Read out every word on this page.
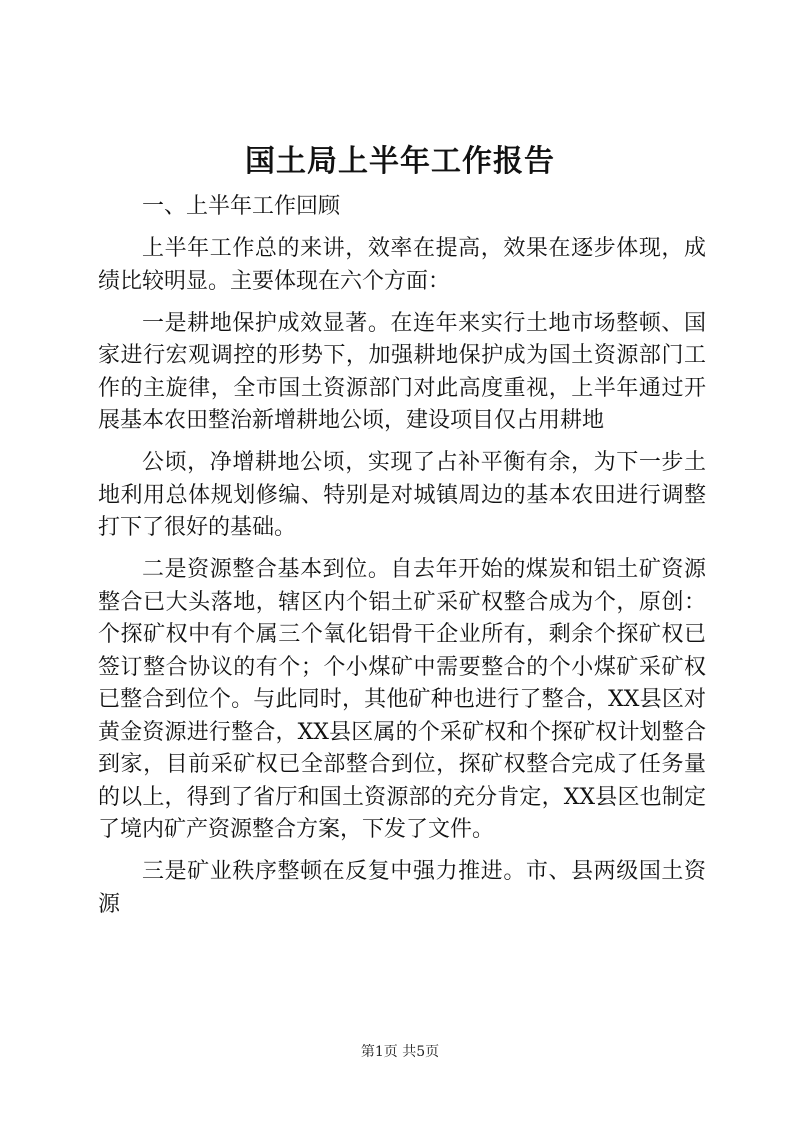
国土局上半年工作报告

一、上半年工作回顾

上半年工作总的来讲，效率在提高，效果在逐步体现，成绩比较明显。主要体现在六个方面：

一是耕地保护成效显著。在连年来实行土地市场整顿、国家进行宏观调控的形势下，加强耕地保护成为国土资源部门工作的主旋律，全市国土资源部门对此高度重视，上半年通过开展基本农田整治新增耕地公顷，建设项目仅占用耕地

公顷，净增耕地公顷，实现了占补平衡有余，为下一步土地利用总体规划修编、特别是对城镇周边的基本农田进行调整打下了很好的基础。

二是资源整合基本到位。自去年开始的煤炭和铝土矿资源整合已大头落地，辖区内个铝土矿采矿权整合成为个，原创：个探矿权中有个属三个氧化铝骨干企业所有，剩余个探矿权已签订整合协议的有个；个小煤矿中需要整合的个小煤矿采矿权已整合到位个。与此同时，其他矿种也进行了整合，XX县区对黄金资源进行整合，XX县区属的个采矿权和个探矿权计划整合到家，目前采矿权已全部整合到位，探矿权整合完成了任务量的以上，得到了省厅和国土资源部的充分肯定，XX县区也制定了境内矿产资源整合方案，下发了文件。

三是矿业秩序整顿在反复中强力推进。市、县两级国土资源

第1页 共5页
